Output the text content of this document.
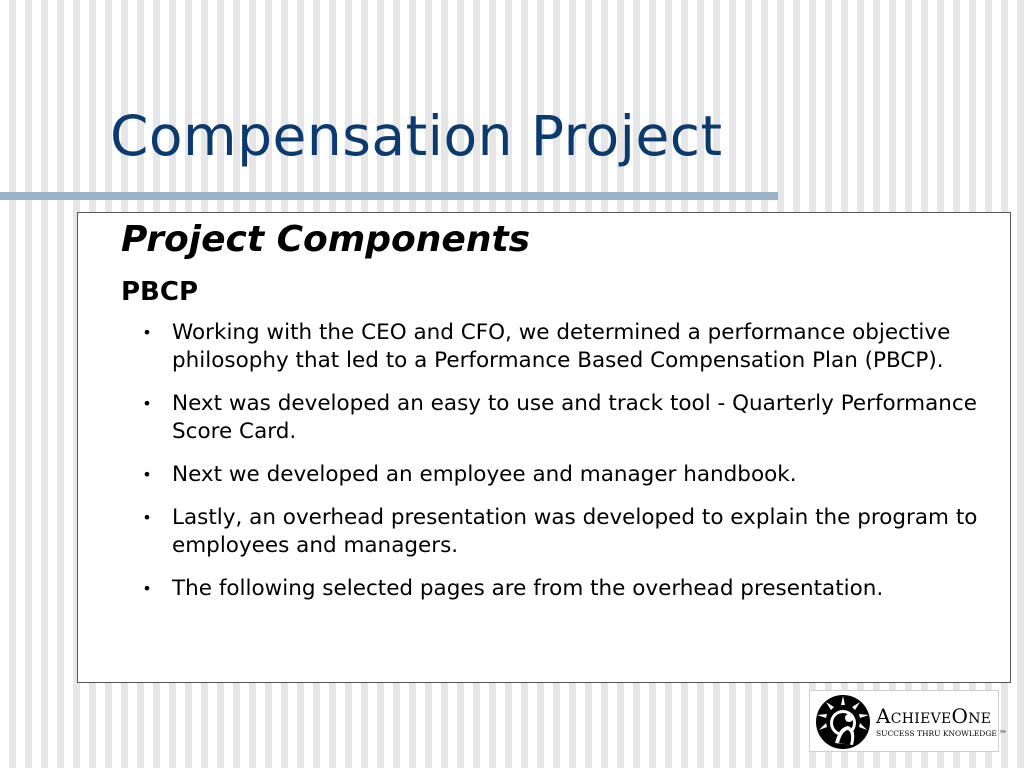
Compensation Project
Project Components
PBCP
• Working with the CEO and CFO, we determined a performance objective philosophy that led to a Performance Based Compensation Plan (PBCP).
• Next was developed an easy to use and track tool - Quarterly Performance Score Card.
• Next we developed an employee and manager handbook.
• Lastly, an overhead presentation was developed to explain the program to employees and managers.
• The following selected pages are from the overhead presentation.
AchieveOne
SUCCESS THRU KNOWLEDGE ™
